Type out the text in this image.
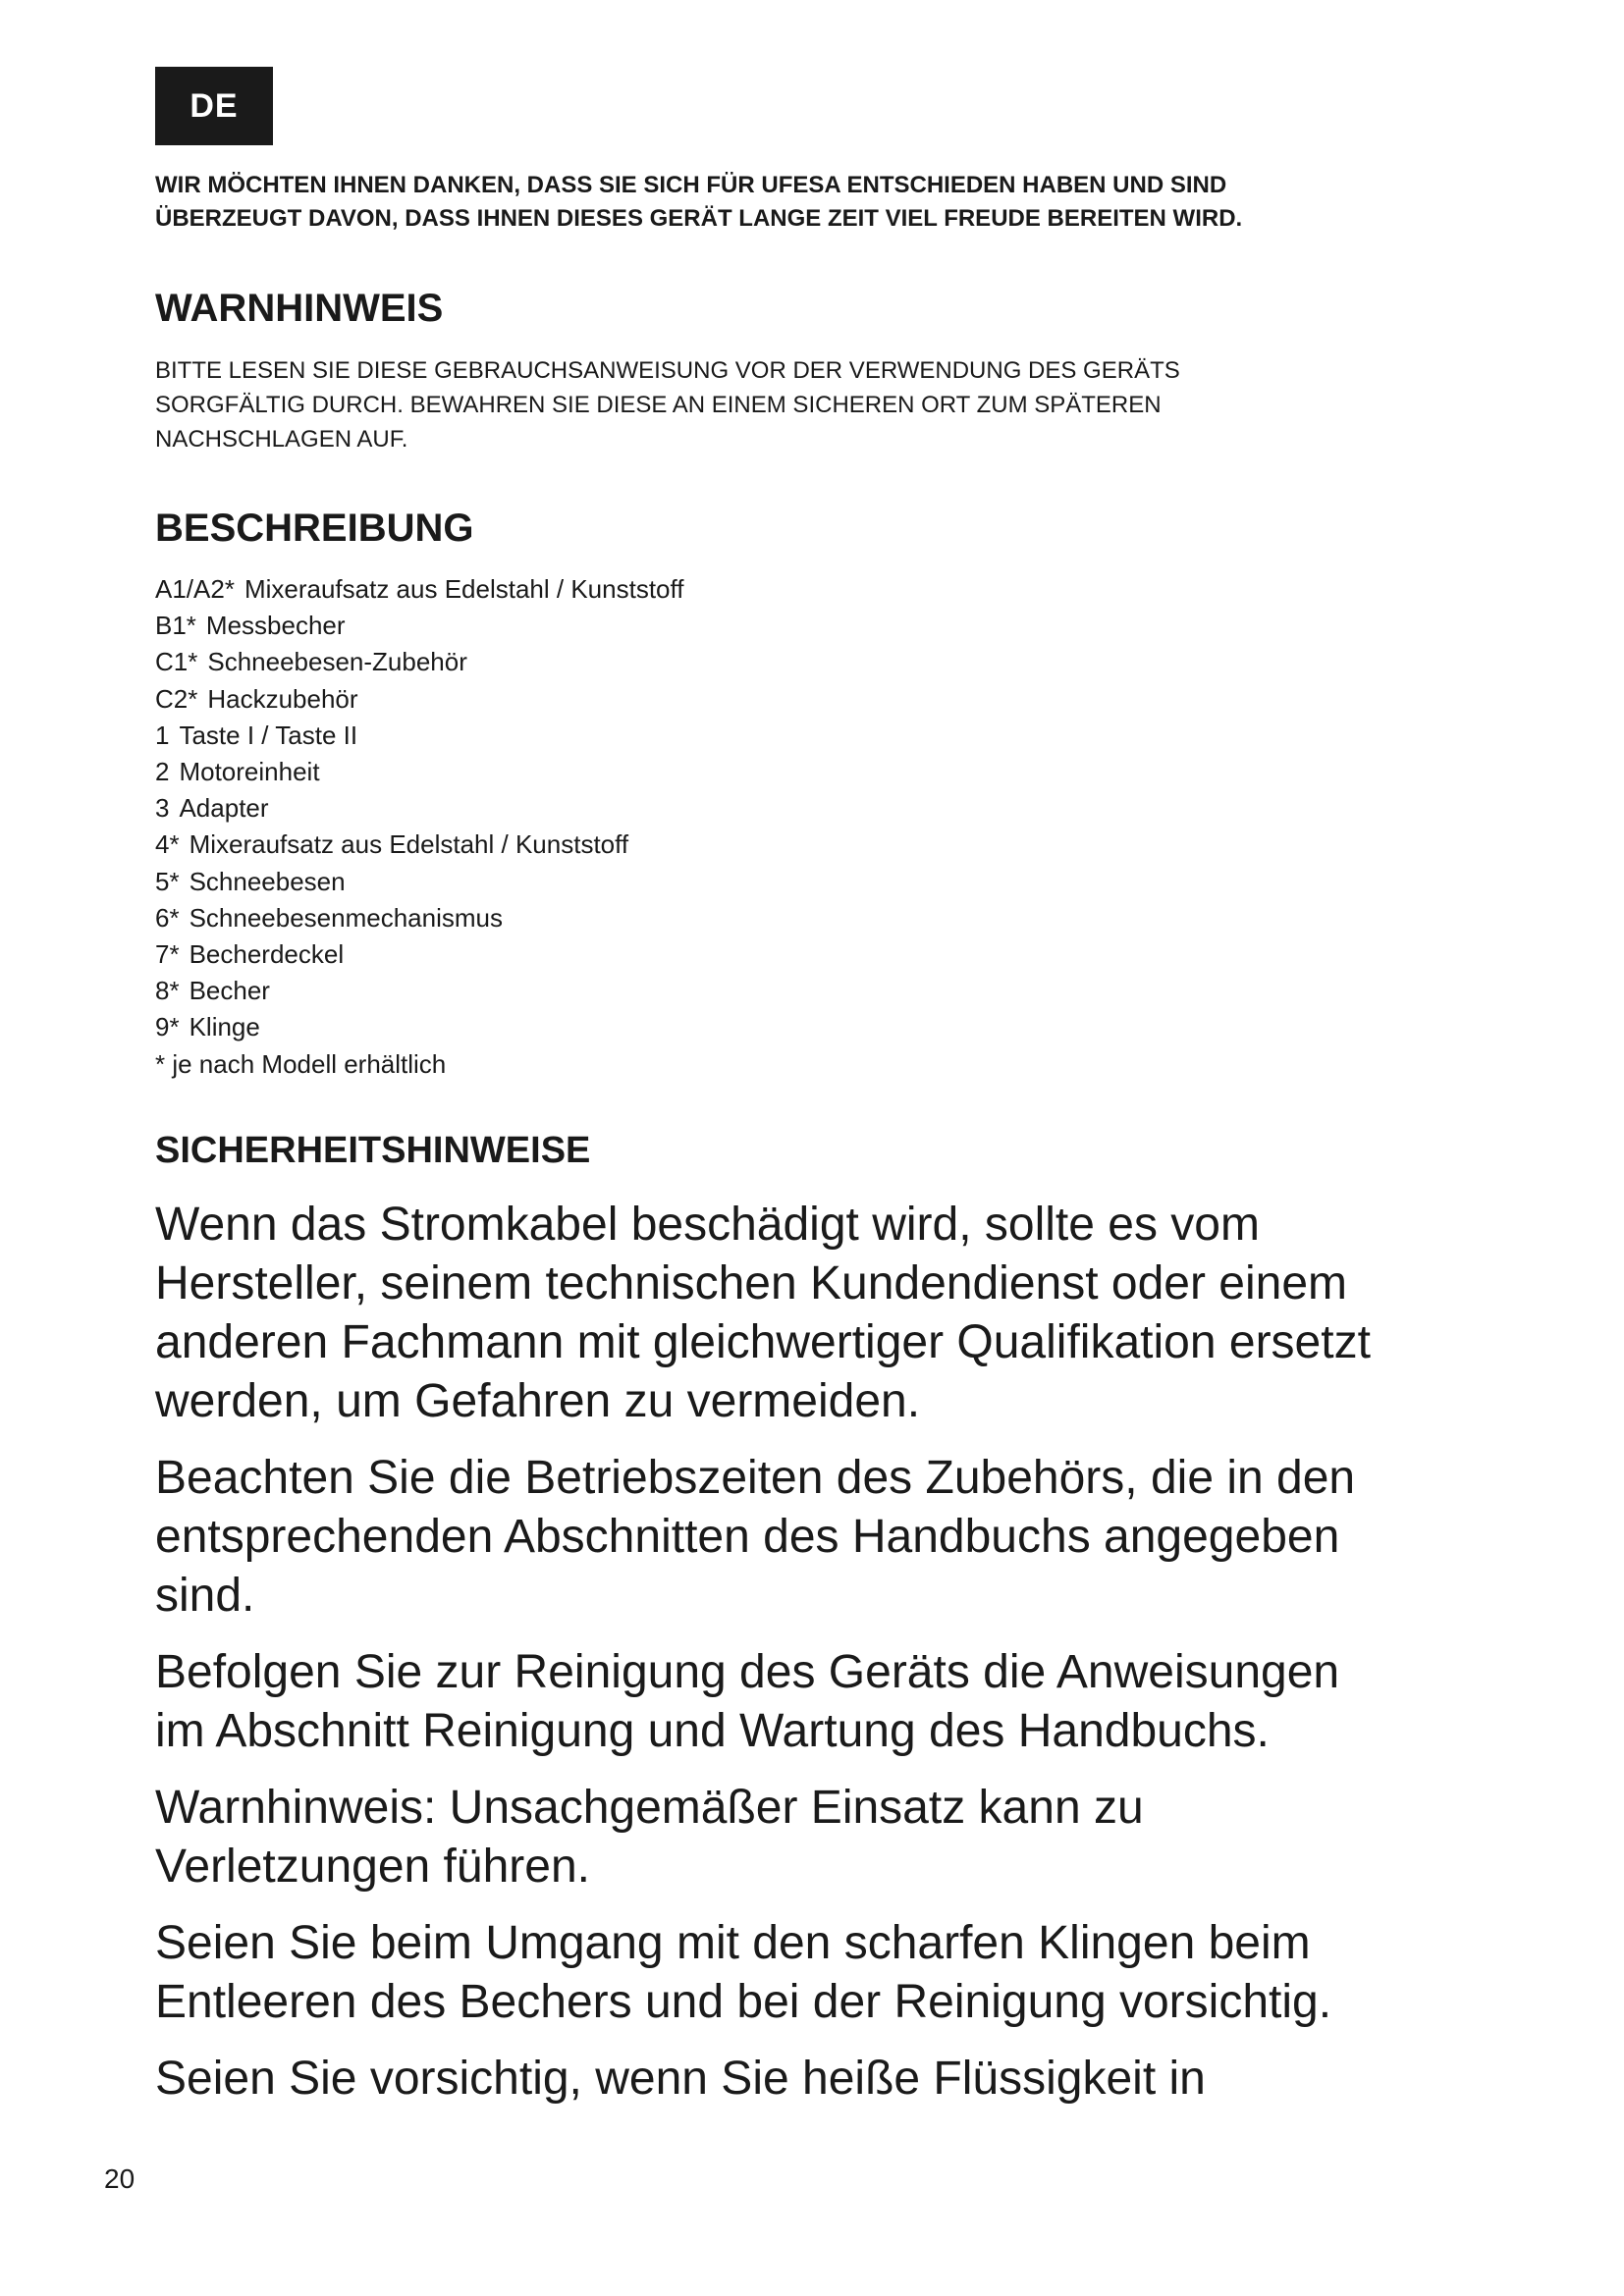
DE
WIR MÖCHTEN IHNEN DANKEN, DASS SIE SICH FÜR UFESA ENTSCHIEDEN HABEN UND SIND
ÜBERZEUGT DAVON, DASS IHNEN DIESES GERÄT LANGE ZEIT VIEL FREUDE BEREITEN WIRD.
WARNHINWEIS
BITTE LESEN SIE DIESE GEBRAUCHSANWEISUNG VOR DER VERWENDUNG DES GERÄTS
SORGFÄLTIG DURCH. BEWAHREN SIE DIESE AN EINEM SICHEREN ORT ZUM SPÄTEREN
NACHSCHLAGEN AUF.
BESCHREIBUNG
A1/A2* Mixeraufsatz aus Edelstahl / Kunststoff
B1* Messbecher
C1* Schneebesen-Zubehör
C2* Hackzubehör
1 Taste I / Taste II
2 Motoreinheit
3 Adapter
4* Mixeraufsatz aus Edelstahl / Kunststoff
5* Schneebesen
6* Schneebesenmechanismus
7* Becherdeckel
8* Becher
9* Klinge
* je nach Modell erhältlich
SICHERHEITSHINWEISE

Wenn das Stromkabel beschädigt wird, sollte es vom
Hersteller, seinem technischen Kundendienst oder einem
anderen Fachmann mit gleichwertiger Qualifikation ersetzt
werden, um Gefahren zu vermeiden.

Beachten Sie die Betriebszeiten des Zubehörs, die in den
entsprechenden Abschnitten des Handbuchs angegeben
sind.

Befolgen Sie zur Reinigung des Geräts die Anweisungen
im Abschnitt Reinigung und Wartung des Handbuchs.

Warnhinweis: Unsachgemäßer Einsatz kann zu
Verletzungen führen.

Seien Sie beim Umgang mit den scharfen Klingen beim
Entleeren des Bechers und bei der Reinigung vorsichtig.

Seien Sie vorsichtig, wenn Sie heiße Flüssigkeit in

20
